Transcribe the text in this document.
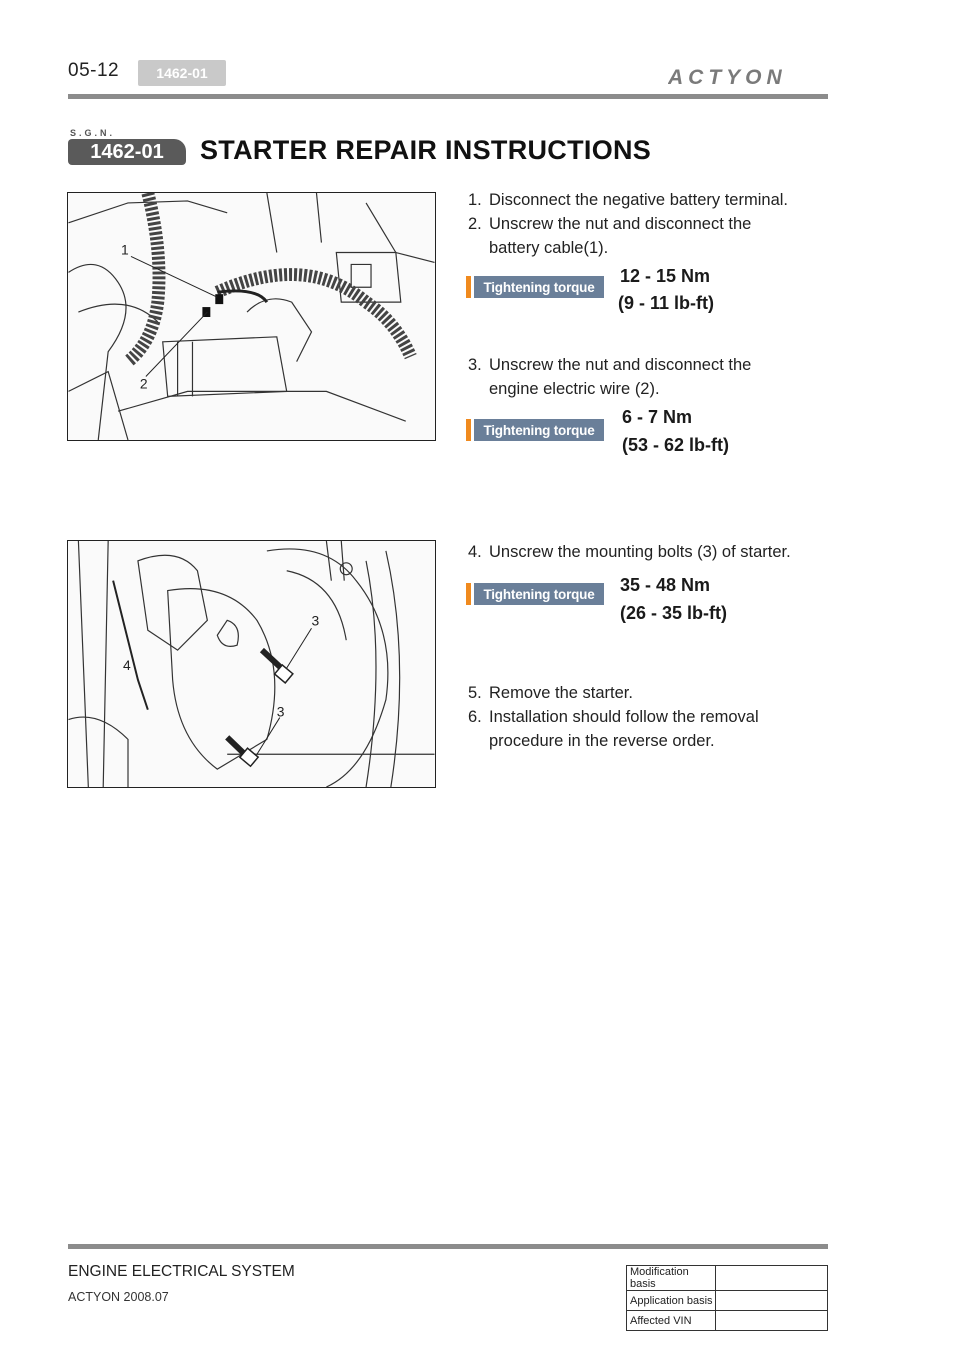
05-12	1462-01	ACTYON
S.G.N.
1462-01	STARTER REPAIR INSTRUCTIONS
1
2
3
4
3
1. Disconnect the negative battery terminal.
2. Unscrew the nut and disconnect the
battery cable(1).
Tightening torque
12 - 15 Nm
(9 - 11 lb-ft)
3. Unscrew the nut and disconnect the
engine electric wire (2).
Tightening torque
6 - 7 Nm
(53 - 62 lb-ft)
4. Unscrew the mounting bolts (3) of starter.
Tightening torque	35 - 48 Nm
(26 - 35 lb-ft)
5. Remove the starter.
6. Installation should follow the removal
procedure in the reverse order.
ENGINE ELECTRICAL SYSTEM
ACTYON 2008.07
Modification basis	
Application basis	
Affected VIN	
